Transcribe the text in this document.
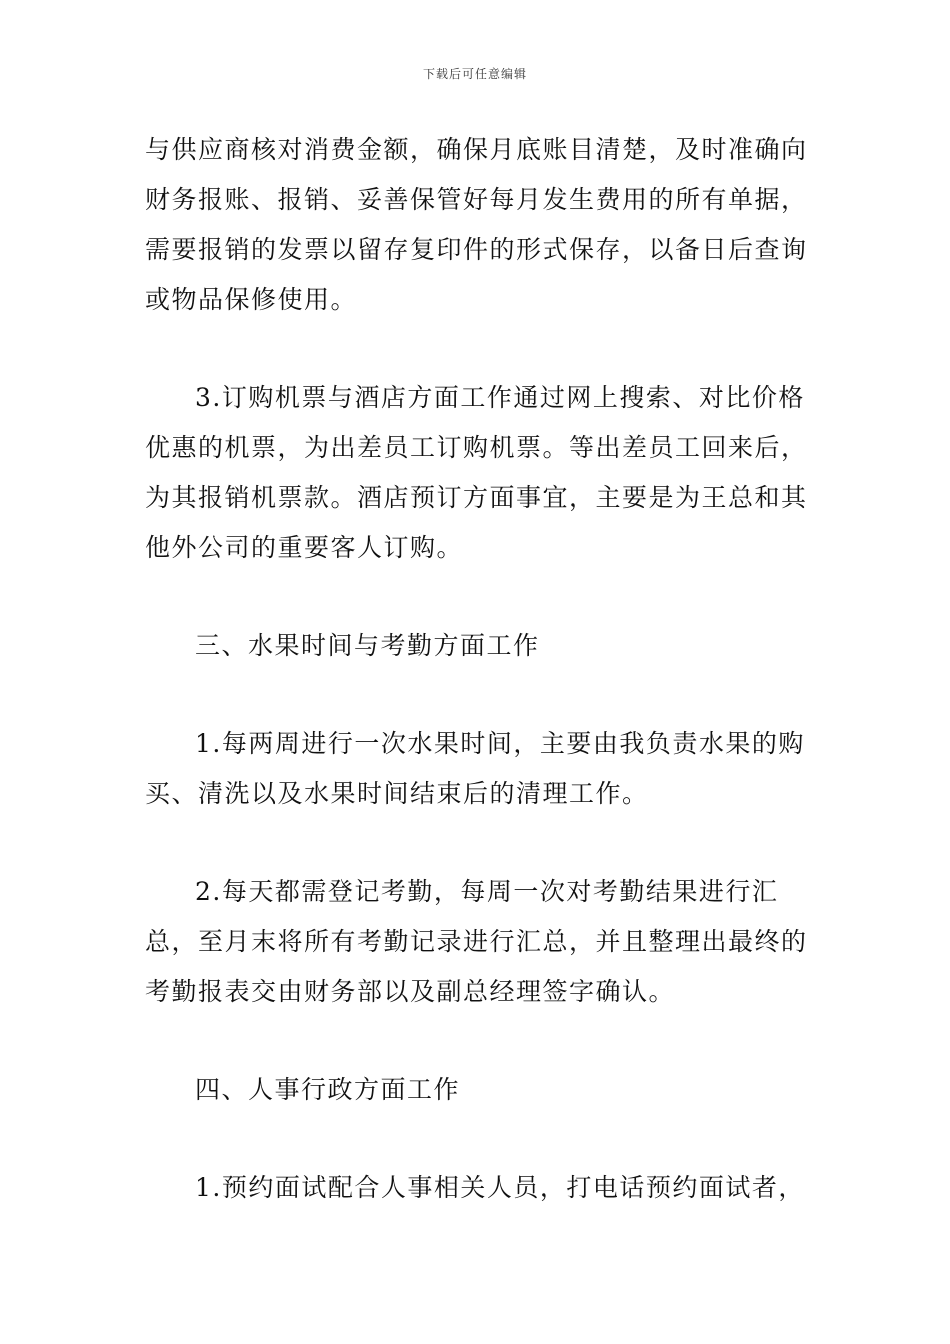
下载后可任意编辑

与供应商核对消费金额，确保月底账目清楚，及时准确向财务报账、报销、妥善保管好每月发生费用的所有单据，需要报销的发票以留存复印件的形式保存，以备日后查询或物品保修使用。

3.订购机票与酒店方面工作通过网上搜索、对比价格优惠的机票，为出差员工订购机票。等出差员工回来后，为其报销机票款。酒店预订方面事宜，主要是为王总和其他外公司的重要客人订购。

三、水果时间与考勤方面工作

1.每两周进行一次水果时间，主要由我负责水果的购买、清洗以及水果时间结束后的清理工作。

2.每天都需登记考勤，每周一次对考勤结果进行汇总，至月末将所有考勤记录进行汇总，并且整理出最终的考勤报表交由财务部以及副总经理签字确认。

四、人事行政方面工作

1.预约面试配合人事相关人员，打电话预约面试者，
